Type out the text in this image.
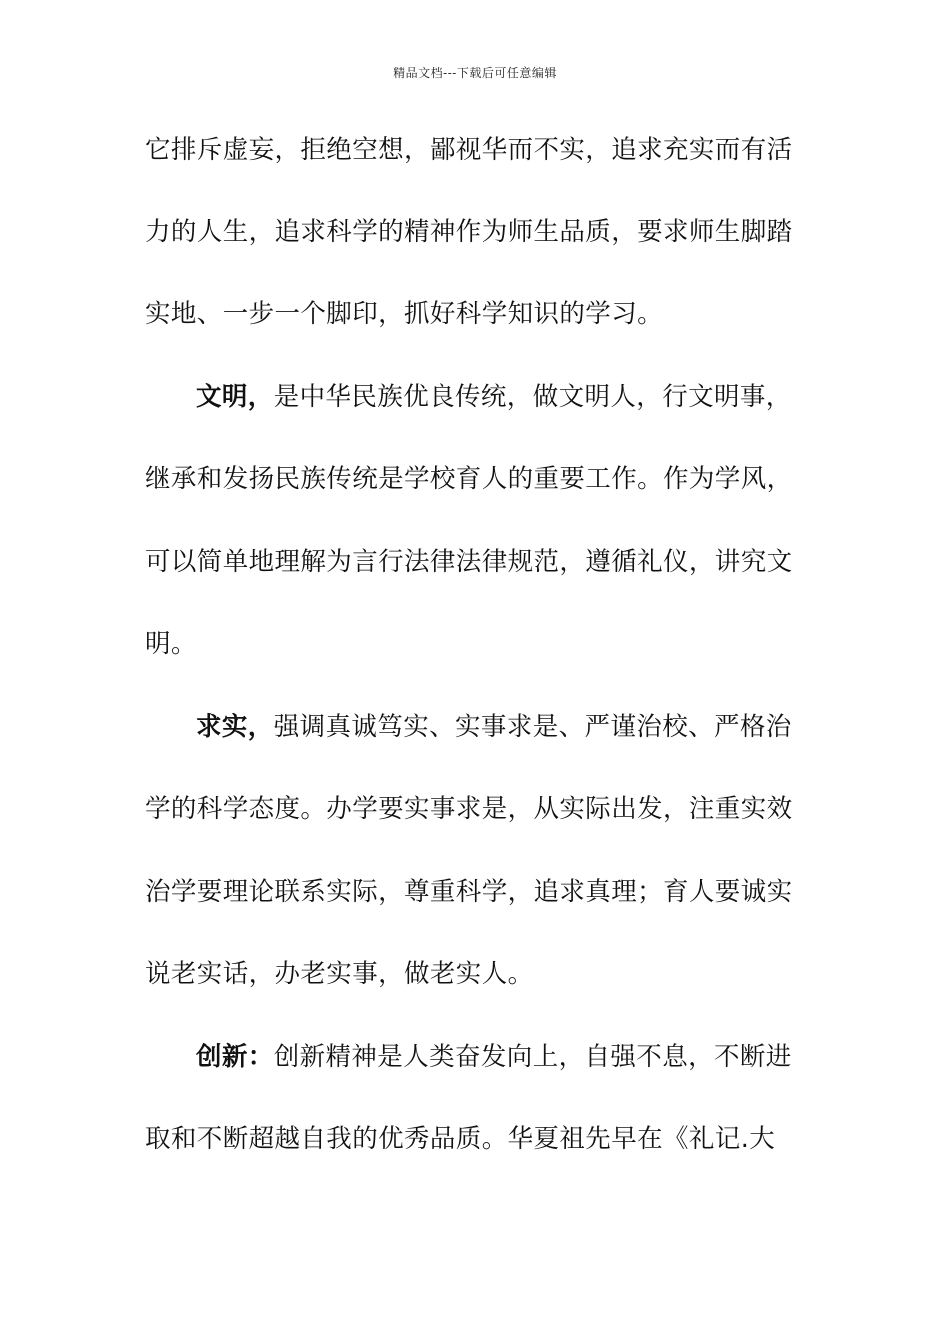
精品文档---下载后可任意编辑
它排斥虚妄，拒绝空想，鄙视华而不实，追求充实而有活
力的人生，追求科学的精神作为师生品质，要求师生脚踏
实地、一步一个脚印，抓好科学知识的学习。
文明，是中华民族优良传统，做文明人，行文明事，
继承和发扬民族传统是学校育人的重要工作。作为学风，
可以简单地理解为言行法律法律规范，遵循礼仪，讲究文
明。
求实，强调真诚笃实、实事求是、严谨治校、严格治
学的科学态度。办学要实事求是，从实际出发，注重实效
治学要理论联系实际，尊重科学，追求真理；育人要诚实
说老实话，办老实事，做老实人。
创新：创新精神是人类奋发向上，自强不息，不断进
取和不断超越自我的优秀品质。华夏祖先早在《礼记.大
